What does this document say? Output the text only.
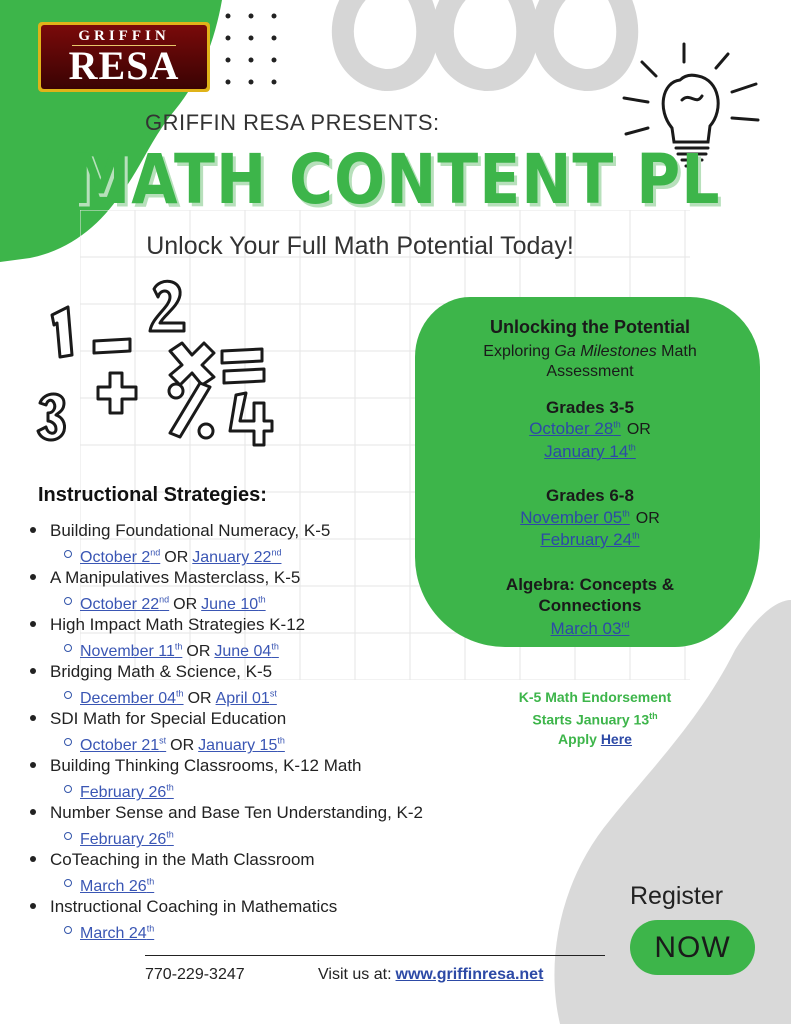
GRIFFIN
RESA
GRIFFIN RESA PRESENTS:
MATH CONTENT PL
Unlock Your Full Math Potential Today!
Instructional Strategies:
Building Foundational Numeracy, K-5
October 2nd OR January 22nd
A Manipulatives Masterclass, K-5
October 22nd OR June 10th
High Impact Math Strategies K-12
November 11th OR June 04th
Bridging Math & Science, K-5
December 04th OR April 01st
SDI Math for Special Education
October 21st OR January 15th
Building Thinking Classrooms, K-12 Math
February 26th
Number Sense and Base Ten Understanding, K-2
February 26th
CoTeaching in the Math Classroom
March 26th
Instructional Coaching in Mathematics
March 24th
Unlocking the Potential
Exploring Ga Milestones Math
Assessment
Grades 3-5
October 28th OR
January 14th
Grades 6-8
November 05th OR
February 24th
Algebra: Concepts &
Connections
March 03rd
K-5 Math Endorsement
Starts January 13th
Apply Here
Register
NOW
770-229-3247	Visit us at: www.griffinresa.net
